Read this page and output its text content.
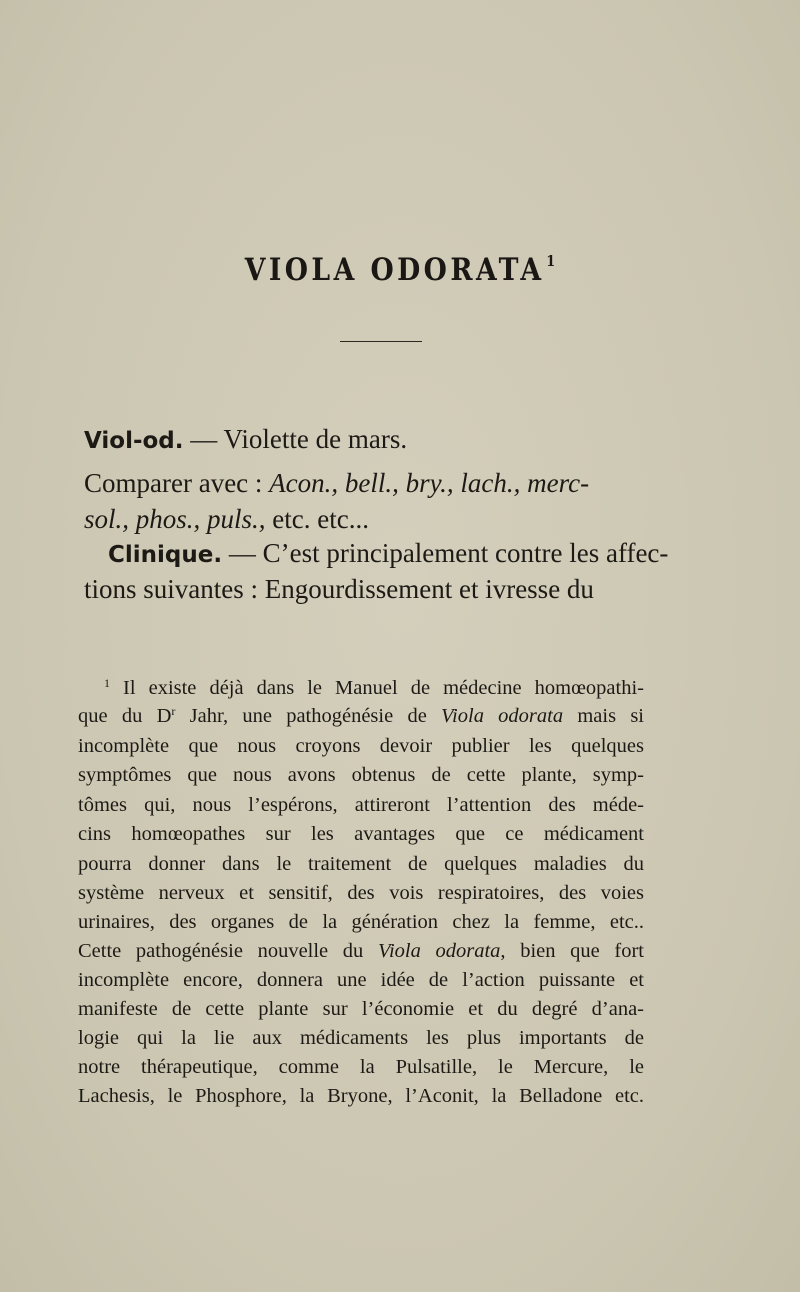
VIOLA ODORATA $^1$
Viol-od. — Violette de mars.
Comparer avec : Acon., bell., bry., lach., merc-
sol., phos., puls., etc. etc...
Clinique. — C’est principalement contre les affec-
tions suivantes : Engourdissement et ivresse du
$^1$ Il existe déjà dans le Manuel de médecine homœopathi-
que du $D^r$ Jahr, une pathogénésie de Viola odorata mais si
incomplète que nous croyons devoir publier les quelques
symptômes que nous avons obtenus de cette plante, symp-
tômes qui, nous l’espérons, attireront l’attention des méde-
cins homœopathes sur les avantages que ce médicament
pourra donner dans le traitement de quelques maladies du
système nerveux et sensitif, des vois respiratoires, des voies
urinaires, des organes de la génération chez la femme, etc..
Cette pathogénésie nouvelle du Viola odorata, bien que fort
incomplète encore, donnera une idée de l’action puissante et
manifeste de cette plante sur l’économie et du degré d’ana-
logie qui la lie aux médicaments les plus importants de
notre thérapeutique, comme la Pulsatille, le Mercure, le
Lachesis, le Phosphore, la Bryone, l’Aconit, la Belladone etc.
